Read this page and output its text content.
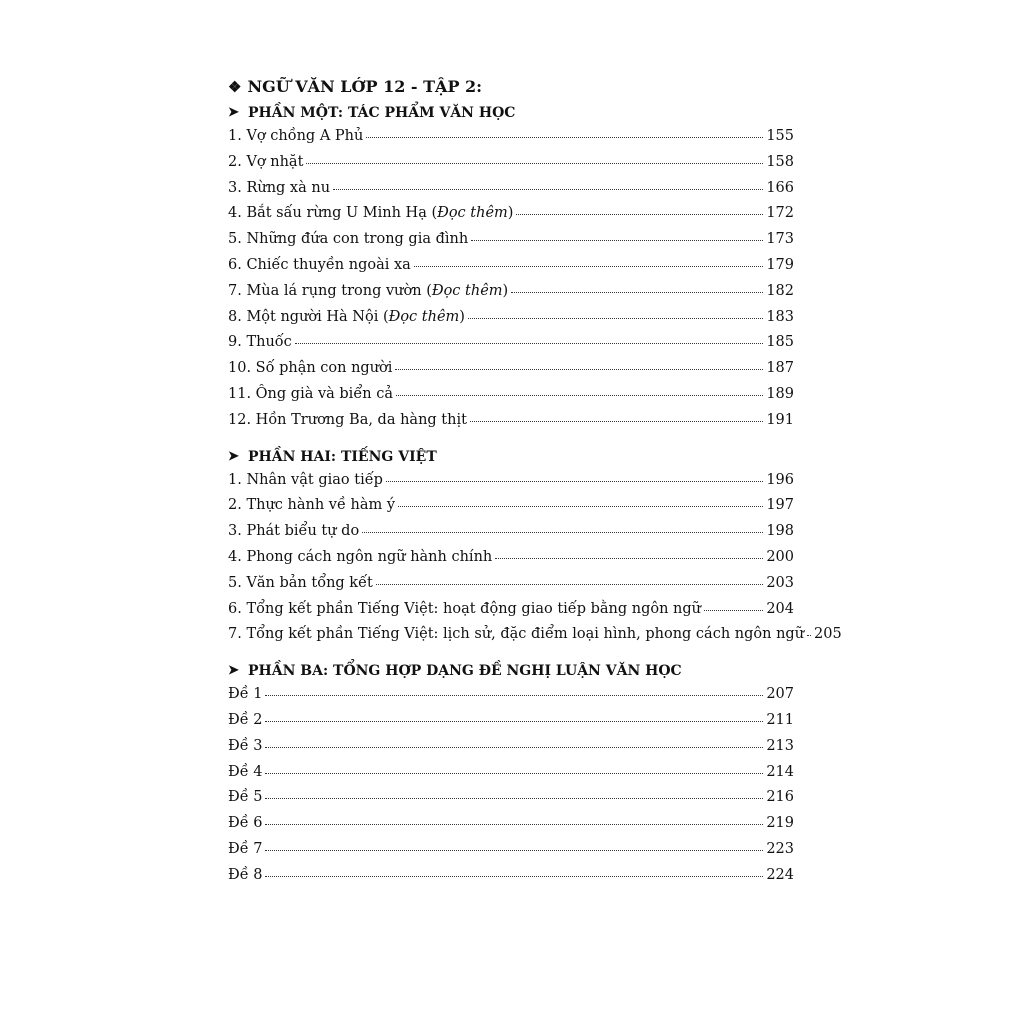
❖ NGỮ VĂN LỚP 12 - TẬP 2:
➤ PHẦN MỘT: TÁC PHẨM VĂN HỌC
1. Vợ chồng A Phủ	155
2. Vợ nhặt	158
3. Rừng xà nu	166
4. Bắt sấu rừng U Minh Hạ (Đọc thêm)	172
5. Những đứa con trong gia đình	173
6. Chiếc thuyền ngoài xa	179
7. Mùa lá rụng trong vườn (Đọc thêm)	182
8. Một người Hà Nội (Đọc thêm)	183
9. Thuốc	185
10. Số phận con người	187
11. Ông già và biển cả	189
12. Hồn Trương Ba, da hàng thịt	191
➤ PHẦN HAI: TIẾNG VIỆT
1. Nhân vật giao tiếp	196
2. Thực hành về hàm ý	197
3. Phát biểu tự do	198
4. Phong cách ngôn ngữ hành chính	200
5. Văn bản tổng kết	203
6. Tổng kết phần Tiếng Việt: hoạt động giao tiếp bằng ngôn ngữ	204
7. Tổng kết phần Tiếng Việt: lịch sử, đặc điểm loại hình, phong cách ngôn ngữ 205
➤ PHẦN BA: TỔNG HỢP DẠNG ĐỀ NGHỊ LUẬN VĂN HỌC
Đề 1	207
Đề 2	211
Đề 3	213
Đề 4	214
Đề 5	216
Đề 6	219
Đề 7	223
Đề 8	224
